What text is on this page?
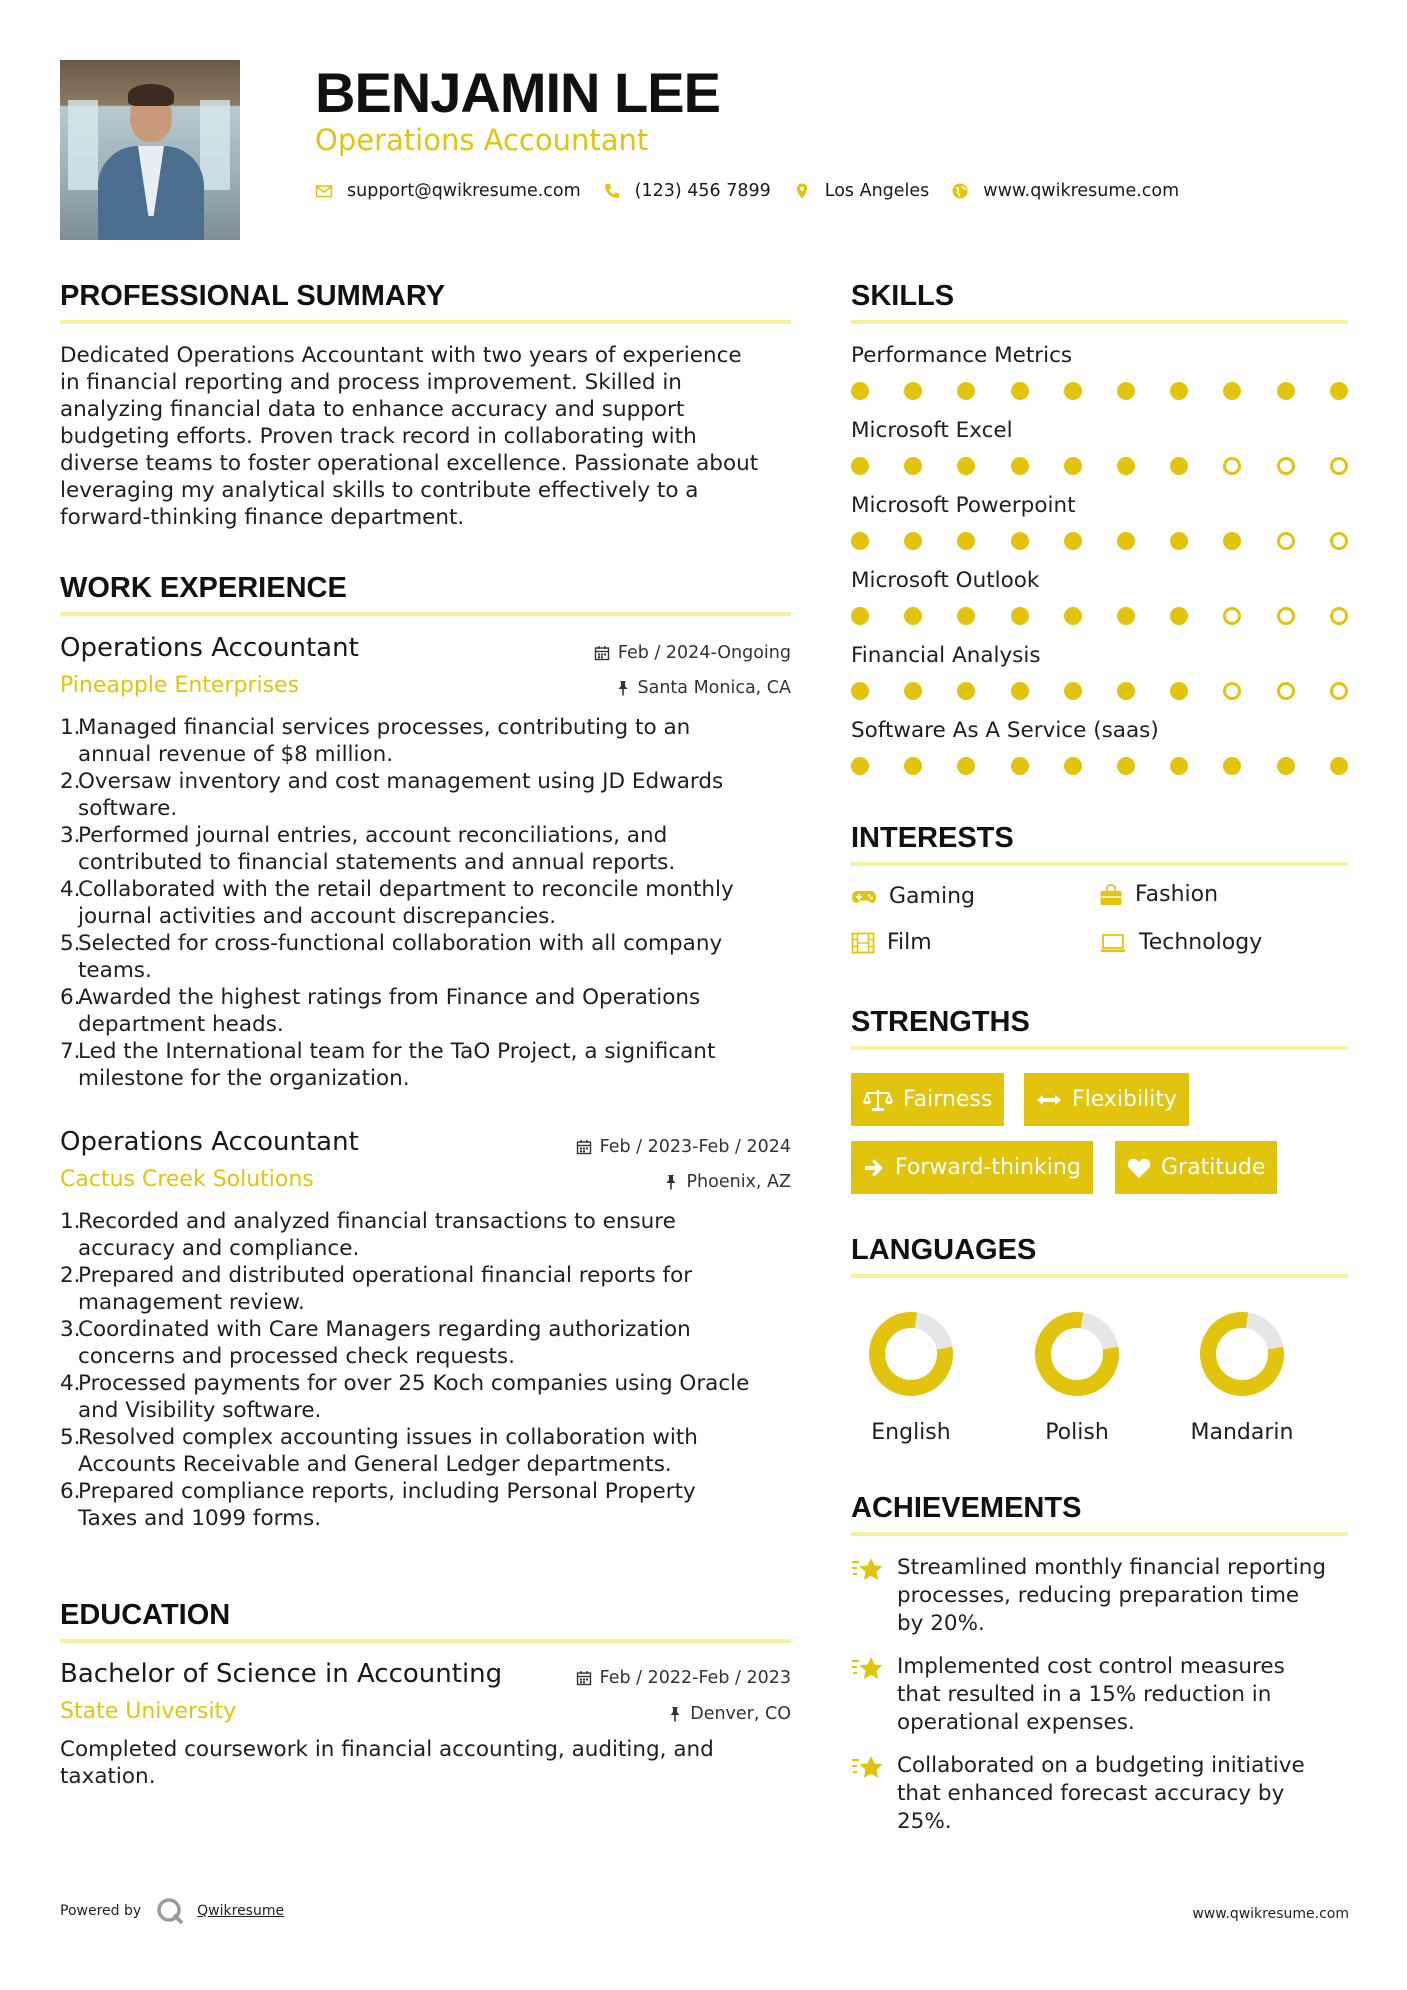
BENJAMIN LEE
Operations Accountant
support@qwikresume.com	(123) 456 7899	Los Angeles	www.qwikresume.com
PROFESSIONAL SUMMARY
Dedicated Operations Accountant with two years of experience
in financial reporting and process improvement. Skilled in
analyzing financial data to enhance accuracy and support
budgeting efforts. Proven track record in collaborating with
diverse teams to foster operational excellence. Passionate about
leveraging my analytical skills to contribute effectively to a
forward-thinking finance department.
WORK EXPERIENCE
Operations Accountant	Feb / 2024-Ongoing
Pineapple Enterprises	Santa Monica, CA
1.
Managed financial services processes, contributing to an
annual revenue of $8 million.
2.
Oversaw inventory and cost management using JD Edwards
software.
3.
Performed journal entries, account reconciliations, and
contributed to financial statements and annual reports.
4.
Collaborated with the retail department to reconcile monthly
journal activities and account discrepancies.
5.
Selected for cross-functional collaboration with all company
teams.
6.
Awarded the highest ratings from Finance and Operations
department heads.
7.
Led the International team for the TaO Project, a significant
milestone for the organization.
Operations Accountant	Feb / 2023-Feb / 2024
Cactus Creek Solutions	Phoenix, AZ
1.
Recorded and analyzed financial transactions to ensure
accuracy and compliance.
2.
Prepared and distributed operational financial reports for
management review.
3.
Coordinated with Care Managers regarding authorization
concerns and processed check requests.
4.
Processed payments for over 25 Koch companies using Oracle
and Visibility software.
5.
Resolved complex accounting issues in collaboration with
Accounts Receivable and General Ledger departments.
6.
Prepared compliance reports, including Personal Property
Taxes and 1099 forms.
EDUCATION
Bachelor of Science in Accounting	Feb / 2022-Feb / 2023
State University	Denver, CO
Completed coursework in financial accounting, auditing, and
taxation.
SKILLS
Performance Metrics
Microsoft Excel
Microsoft Powerpoint
Microsoft Outlook
Financial Analysis
Software As A Service (saas)
INTERESTS
Gaming	Fashion
Film	Technology
STRENGTHS
Fairness	Flexibility
Forward-thinking	Gratitude
LANGUAGES
English	Polish	Mandarin
ACHIEVEMENTS
Streamlined monthly financial reporting
processes, reducing preparation time
by 20%.
Implemented cost control measures
that resulted in a 15% reduction in
operational expenses.
Collaborated on a budgeting initiative
that enhanced forecast accuracy by
25%.
Powered by	Qwikresume	www.qwikresume.com
